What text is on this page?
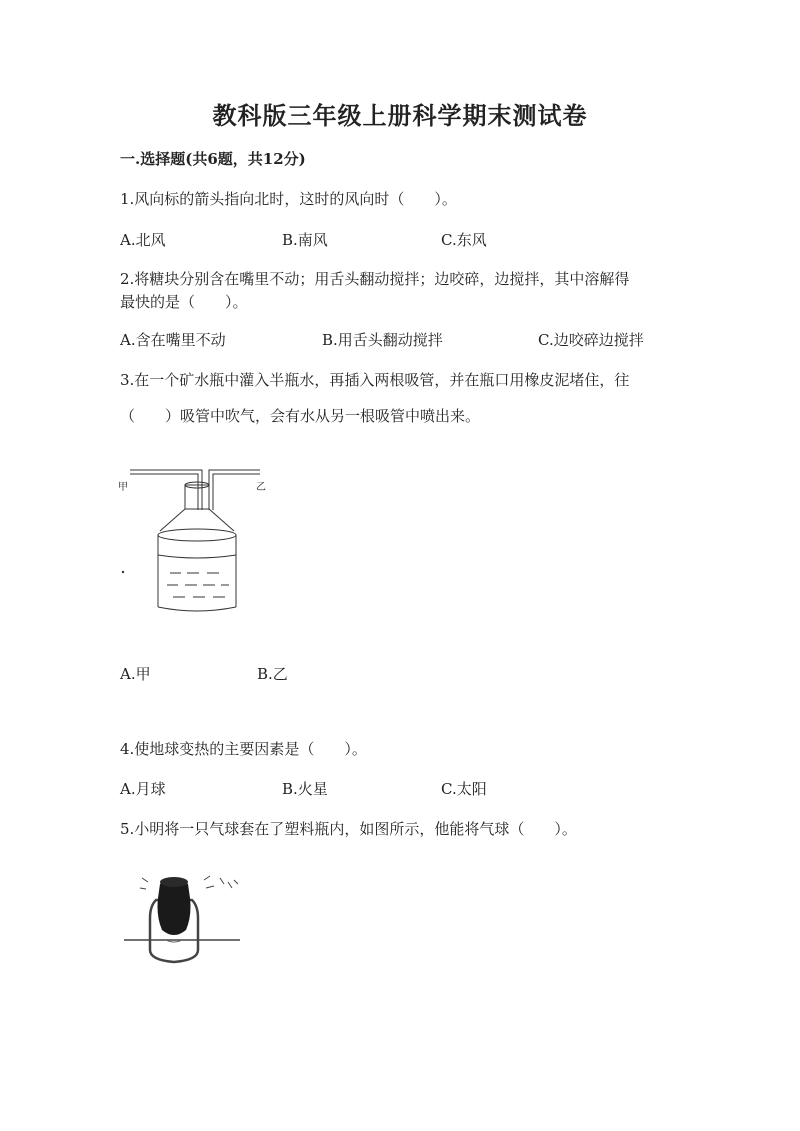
教科版三年级上册科学期末测试卷
一.选择题(共6题，共12分)
1.风向标的箭头指向北时，这时的风向时（　　）。
A.北风	B.南风	C.东风
2.将糖块分别含在嘴里不动；用舌头翻动搅拌；边咬碎，边搅拌，其中溶解得
最快的是（　　）。
A.含在嘴里不动	B.用舌头翻动搅拌	C.边咬碎边搅拌
3.在一个矿水瓶中灌入半瓶水，再插入两根吸管，并在瓶口用橡皮泥堵住，往
（　　）吸管中吹气，会有水从另一根吸管中喷出来。
甲	乙
A.甲	B.乙
4.使地球变热的主要因素是（　　）。
A.月球	B.火星	C.太阳
5.小明将一只气球套在了塑料瓶内，如图所示，他能将气球（　　）。
